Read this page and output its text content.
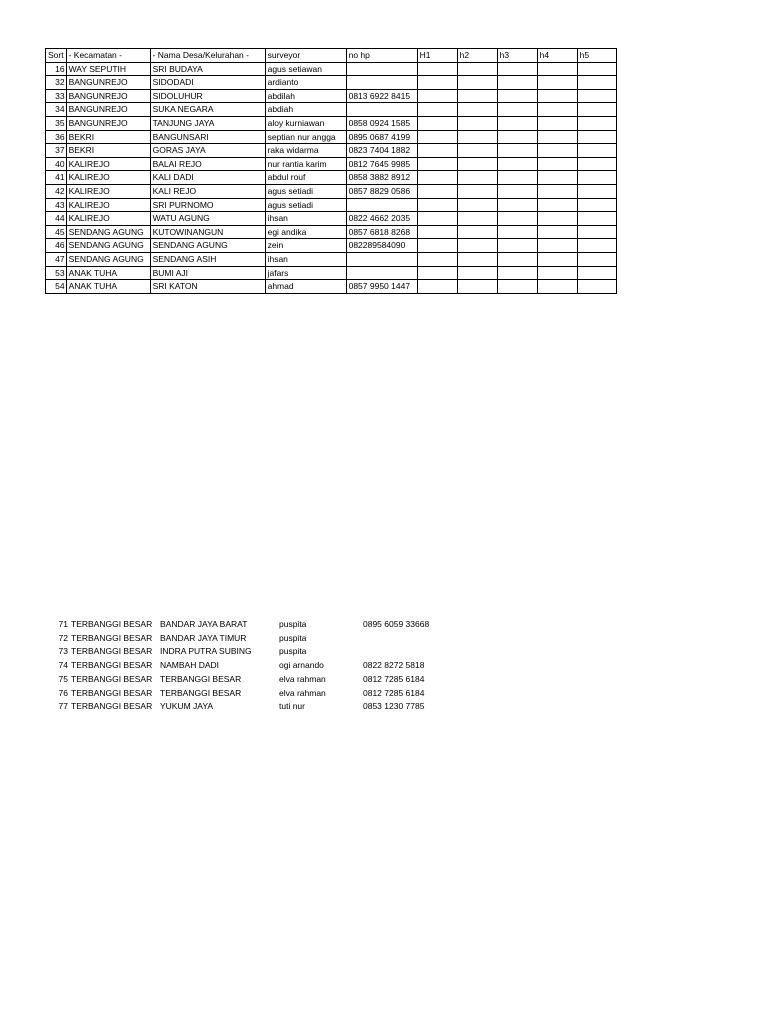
Sort	- Kecamatan -	- Nama Desa/Kelurahan -	surveyor	no hp	H1	h2	h3	h4	h5
16	WAY SEPUTIH	SRI BUDAYA	agus setiawan						
32	BANGUNREJO	SIDODADI	ardianto						
33	BANGUNREJO	SIDOLUHUR	abdilah	0813 6922 8415					
34	BANGUNREJO	SUKA NEGARA	abdiah						
35	BANGUNREJO	TANJUNG JAYA	aloy kurniawan	0858 0924 1585					
36	BEKRI	BANGUNSARI	septian nur angga	0895 0687 4199					
37	BEKRI	GORAS JAYA	raka widarma	0823 7404 1882					
40	KALIREJO	BALAI REJO	nur rantia karim	0812 7645 9985					
41	KALIREJO	KALI DADI	abdul rouf	0858 3882 8912					
42	KALIREJO	KALI REJO	agus setiadi	0857 8829 0586					
43	KALIREJO	SRI PURNOMO	agus setiadi						
44	KALIREJO	WATU AGUNG	ihsan	0822 4662 2035					
45	SENDANG AGUNG	KUTOWINANGUN	egi andika	0857 6818 8268					
46	SENDANG AGUNG	SENDANG AGUNG	zein	082289584090					
47	SENDANG AGUNG	SENDANG ASIH	ihsan						
53	ANAK TUHA	BUMI AJI	jafars						
54	ANAK TUHA	SRI KATON	ahmad	0857 9950 1447					
71	TERBANGGI BESAR	BANDAR JAYA BARAT	puspita	0895 6059 33668
72	TERBANGGI BESAR	BANDAR JAYA TIMUR	puspita	
73	TERBANGGI BESAR	INDRA PUTRA SUBING	puspita	
74	TERBANGGI BESAR	NAMBAH DADI	ogi arnando	0822 8272 5818
75	TERBANGGI BESAR	TERBANGGI BESAR	elva rahman	0812 7285 6184
76	TERBANGGI BESAR	TERBANGGI BESAR	elva rahman	0812 7285 6184
77	TERBANGGI BESAR	YUKUM JAYA	tuti nur	0853 1230 7785
